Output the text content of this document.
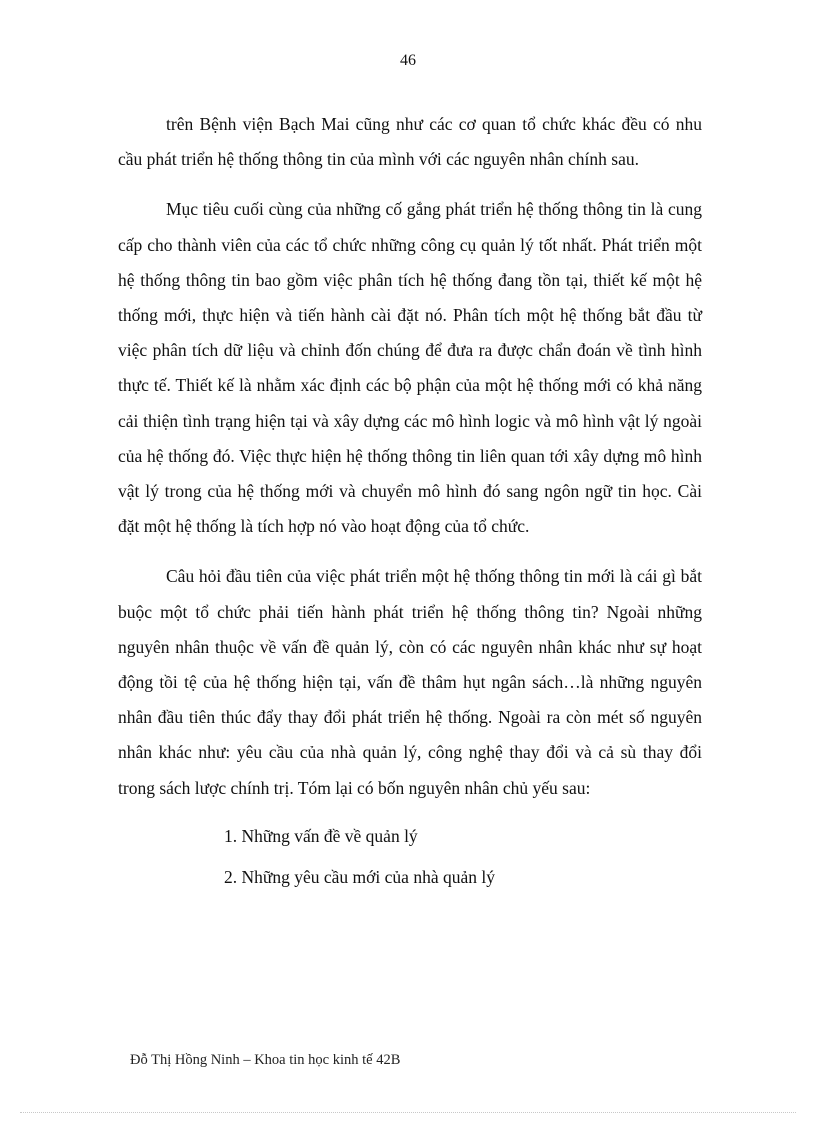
46

trên Bệnh viện Bạch Mai cũng như các cơ quan tổ chức khác đều có nhu cầu phát triển hệ thống thông tin của mình với các nguyên nhân chính sau.

Mục tiêu cuối cùng của những cố gắng phát triển hệ thống thông tin là cung cấp cho thành viên của các tổ chức những công cụ quản lý tốt nhất. Phát triển một hệ thống thông tin bao gồm việc phân tích hệ thống đang tồn tại, thiết kế một hệ thống mới, thực hiện và tiến hành cài đặt nó. Phân tích một hệ thống bắt đầu từ việc phân tích dữ liệu và chỉnh đốn chúng để đưa ra được chẩn đoán về tình hình thực tế. Thiết kế là nhằm xác định các bộ phận của một hệ thống mới có khả năng cải thiện tình trạng hiện tại và xây dựng các mô hình logic và mô hình vật lý ngoài của hệ thống đó. Việc thực hiện hệ thống thông tin liên quan tới xây dựng mô hình vật lý trong của hệ thống mới và chuyển mô hình đó sang ngôn ngữ tin học. Cài đặt một hệ thống là tích hợp nó vào hoạt động của tổ chức.

Câu hỏi đầu tiên của việc phát triển một hệ thống thông tin mới là cái gì bắt buộc một tổ chức phải tiến hành phát triển hệ thống thông tin? Ngoài những nguyên nhân thuộc về vấn đề quản lý, còn có các nguyên nhân khác như sự hoạt động tồi tệ của hệ thống hiện tại, vấn đề thâm hụt ngân sách…là những nguyên nhân đầu tiên thúc đẩy thay đổi phát triển hệ thống. Ngoài ra còn mét số nguyên nhân khác như: yêu cầu của nhà quản lý, công nghệ thay đổi và cả sù thay đổi trong sách lược chính trị. Tóm lại có bốn nguyên nhân chủ yếu sau:

1. Những vấn đề về quản lý
2. Những yêu cầu mới của nhà quản lý
Đỗ Thị Hồng Ninh – Khoa tin học kinh tế 42B
